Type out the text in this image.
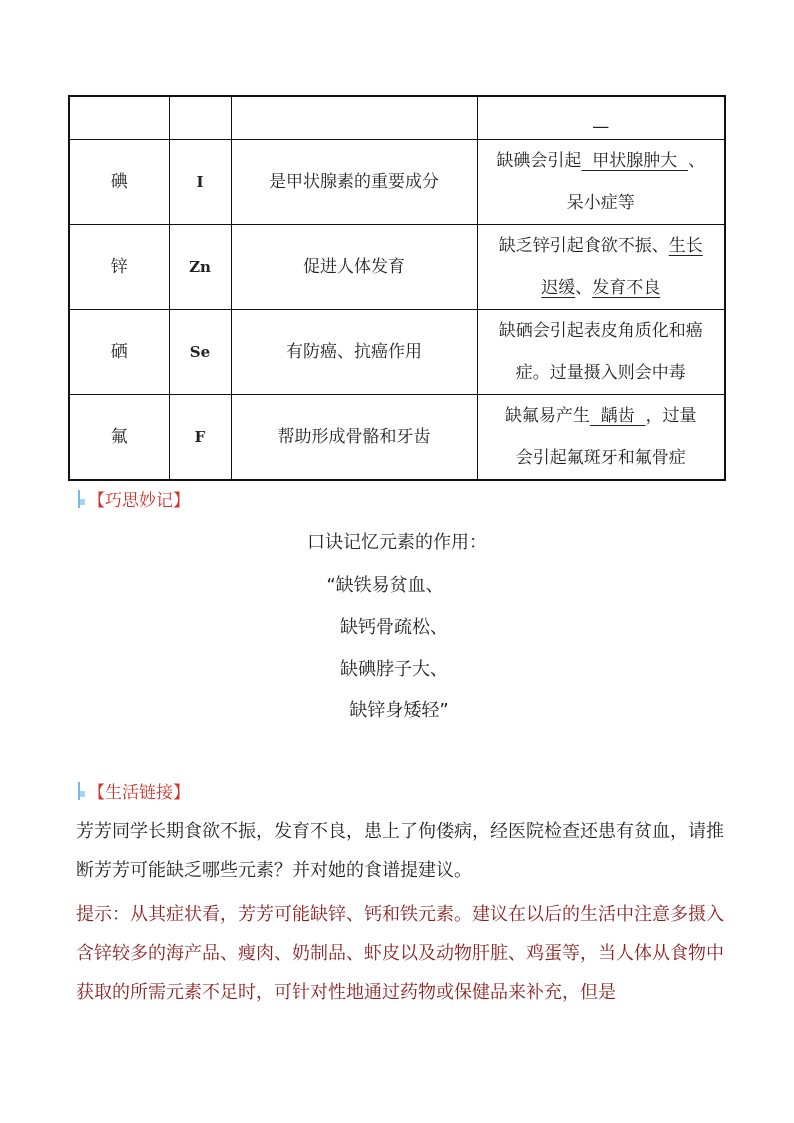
			—
碘	I	是甲状腺素的重要成分	缺碘会引起  甲状腺肿大  、
呆小症等
锌	Zn	促进人体发育	缺乏锌引起食欲不振、生长
迟缓、发育不良
硒	Se	有防癌、抗癌作用	缺硒会引起表皮角质化和癌
症。过量摄入则会中毒
氟	F	帮助形成骨骼和牙齿	缺氟易产生  龋齿  ，过量
会引起氟斑牙和氟骨症
【巧思妙记】
口诀记忆元素的作用：
“缺铁易贫血、
缺钙骨疏松、
缺碘脖子大、
缺锌身矮轻”
【生活链接】
芳芳同学长期食欲不振，发育不良，患上了佝偻病，经医院检查还患有贫血，请推断芳芳可能缺乏哪些元素？并对她的食谱提建议。
提示：从其症状看，芳芳可能缺锌、钙和铁元素。建议在以后的生活中注意多摄入含锌较多的海产品、瘦肉、奶制品、虾皮以及动物肝脏、鸡蛋等，当人体从食物中获取的所需元素不足时，可针对性地通过药物或保健品来补充，但是
